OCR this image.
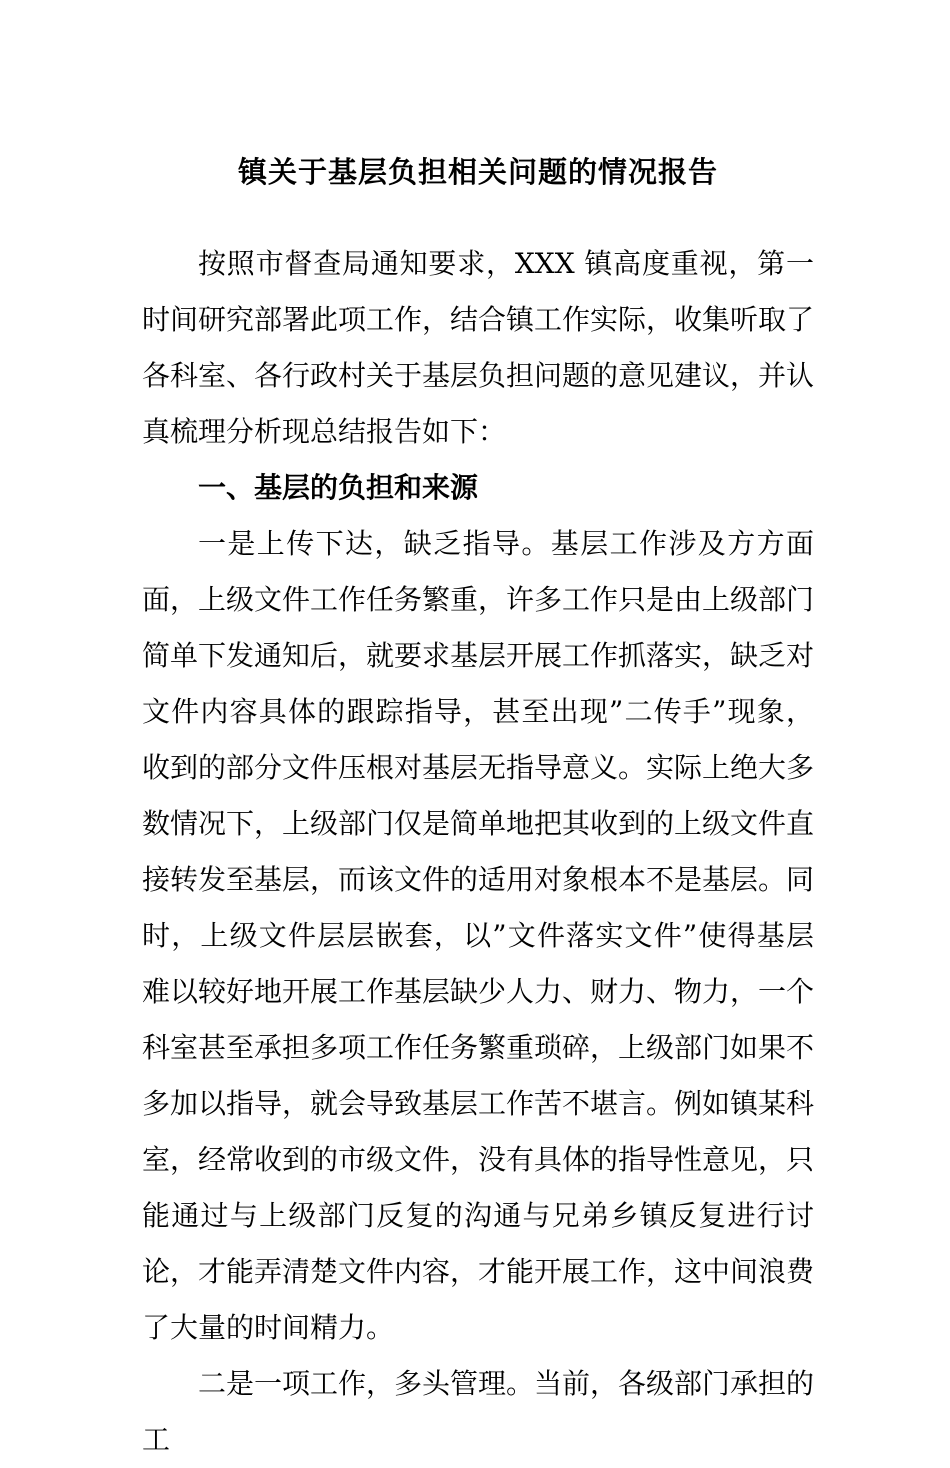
镇关于基层负担相关问题的情况报告

按照市督查局通知要求，XXX 镇高度重视，第一时间研究部署此项工作，结合镇工作实际，收集听取了各科室、各行政村关于基层负担问题的意见建议，并认真梳理分析现总结报告如下：

一、基层的负担和来源

一是上传下达，缺乏指导。基层工作涉及方方面面，上级文件工作任务繁重，许多工作只是由上级部门简单下发通知后，就要求基层开展工作抓落实，缺乏对文件内容具体的跟踪指导，甚至出现”二传手”现象，收到的部分文件压根对基层无指导意义。实际上绝大多数情况下，上级部门仅是简单地把其收到的上级文件直接转发至基层，而该文件的适用对象根本不是基层。同时，上级文件层层嵌套，以”文件落实文件”使得基层难以较好地开展工作基层缺少人力、财力、物力，一个科室甚至承担多项工作任务繁重琐碎，上级部门如果不多加以指导，就会导致基层工作苦不堪言。例如镇某科室，经常收到的市级文件，没有具体的指导性意见，只能通过与上级部门反复的沟通与兄弟乡镇反复进行讨论，才能弄清楚文件内容，才能开展工作，这中间浪费了大量的时间精力。

二是一项工作，多头管理。当前，各级部门承担的工
